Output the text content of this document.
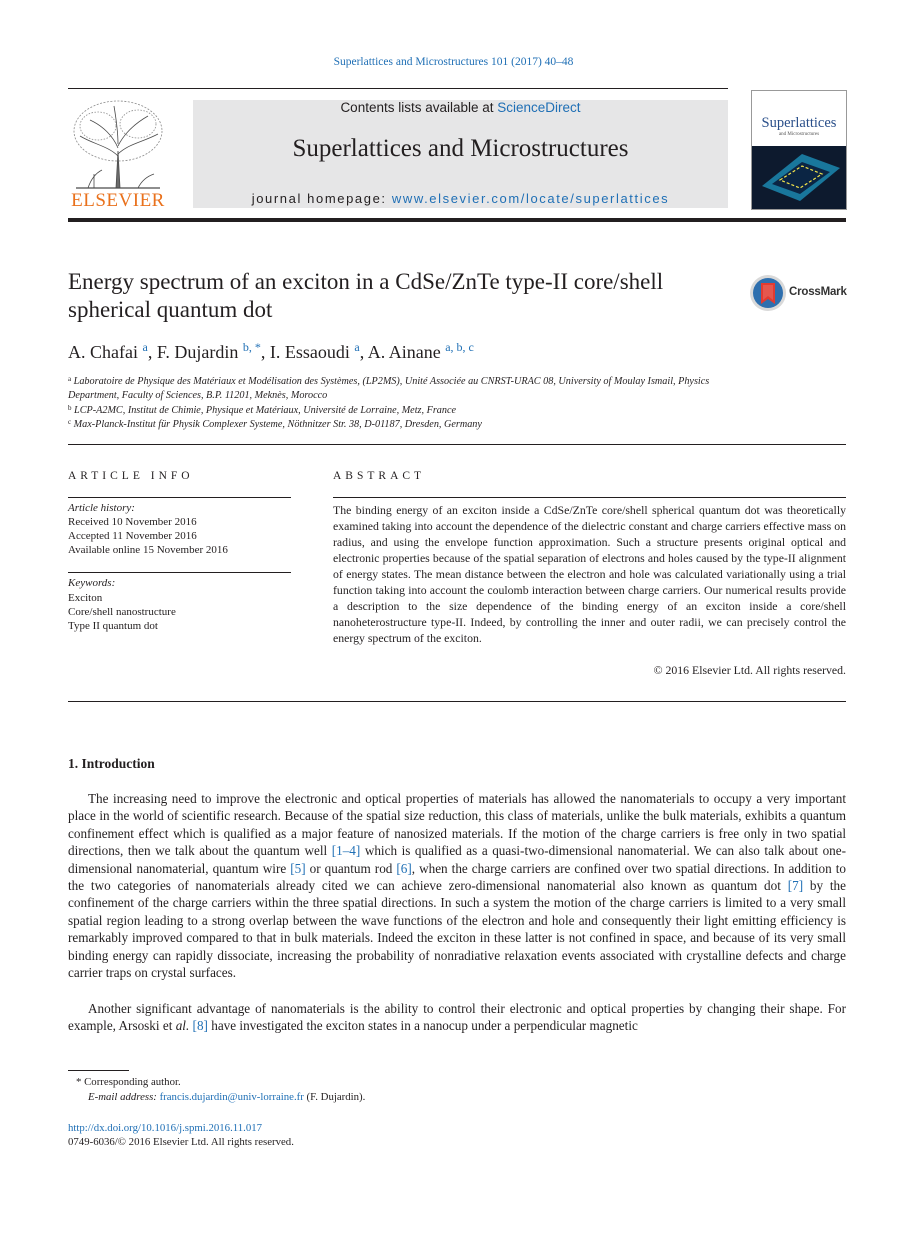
Superlattices and Microstructures 101 (2017) 40–48
ELSEVIER
Contents lists available at ScienceDirect
Superlattices and Microstructures
journal homepage: www.elsevier.com/locate/superlattices
Superlattices
and Microstructures
Energy spectrum of an exciton in a CdSe/ZnTe type-II core/shell spherical quantum dot
CrossMark
A. Chafai $^a$, F. Dujardin $^{b, *}$, I. Essaoudi $^a$, A. Ainane $^{a, b, c}$
$^a$ Laboratoire de Physique des Matériaux et Modélisation des Systèmes, (LP2MS), Unité Associée au CNRST-URAC 08, University of Moulay Ismail, Physics Department, Faculty of Sciences, B.P. 11201, Meknès, Morocco
$^b$ LCP-A2MC, Institut de Chimie, Physique et Matériaux, Université de Lorraine, Metz, France
$^c$ Max-Planck-Institut für Physik Complexer Systeme, Nöthnitzer Str. 38, D-01187, Dresden, Germany
ARTICLE INFO
Article history:
Received 10 November 2016
Accepted 11 November 2016
Available online 15 November 2016
Keywords:
Exciton
Core/shell nanostructure
Type II quantum dot
ABSTRACT
The binding energy of an exciton inside a CdSe/ZnTe core/shell spherical quantum dot was theoretically examined taking into account the dependence of the dielectric constant and charge carriers effective mass on radius, and using the envelope function approximation. Such a structure presents original optical and electronic properties because of the spatial separation of electrons and holes caused by the type-II alignment of energy states. The mean distance between the electron and hole was calculated variationally using a trial function taking into account the coulomb interaction between charge carriers. Our numerical results provide a description to the size dependence of the binding energy of an exciton inside a core/shell nanoheterostructure type-II. Indeed, by controlling the inner and outer radii, we can precisely control the energy spectrum of the exciton.
© 2016 Elsevier Ltd. All rights reserved.
1. Introduction
The increasing need to improve the electronic and optical properties of materials has allowed the nanomaterials to occupy a very important place in the world of scientific research. Because of the spatial size reduction, this class of materials, unlike the bulk materials, exhibits a quantum confinement effect which is qualified as a major feature of nanosized materials. If the motion of the charge carriers is free only in two spatial directions, then we talk about the quantum well [1–4] which is qualified as a quasi-two-dimensional nanomaterial. We can also talk about one-dimensional nanomaterial, quantum wire [5] or quantum rod [6], when the charge carriers are confined over two spatial directions. In addition to the two categories of nanomaterials already cited we can achieve zero-dimensional nanomaterial also known as quantum dot [7] by the confinement of the charge carriers within the three spatial directions. In such a system the motion of the charge carriers is limited to a very small spatial region leading to a strong overlap between the wave functions of the electron and hole and consequently their light emitting efficiency is remarkably improved compared to that in bulk materials. Indeed the exciton in these latter is not confined in space, and because of its very small binding energy can rapidly dissociate, increasing the probability of nonradiative relaxation events associated with crystalline defects and charge carrier traps on crystal surfaces.
Another significant advantage of nanomaterials is the ability to control their electronic and optical properties by changing their shape. For example, Arsoski et al. [8] have investigated the exciton states in a nanocup under a perpendicular magnetic
* Corresponding author.
E-mail address: francis.dujardin@univ-lorraine.fr (F. Dujardin).
http://dx.doi.org/10.1016/j.spmi.2016.11.017
0749-6036/© 2016 Elsevier Ltd. All rights reserved.
